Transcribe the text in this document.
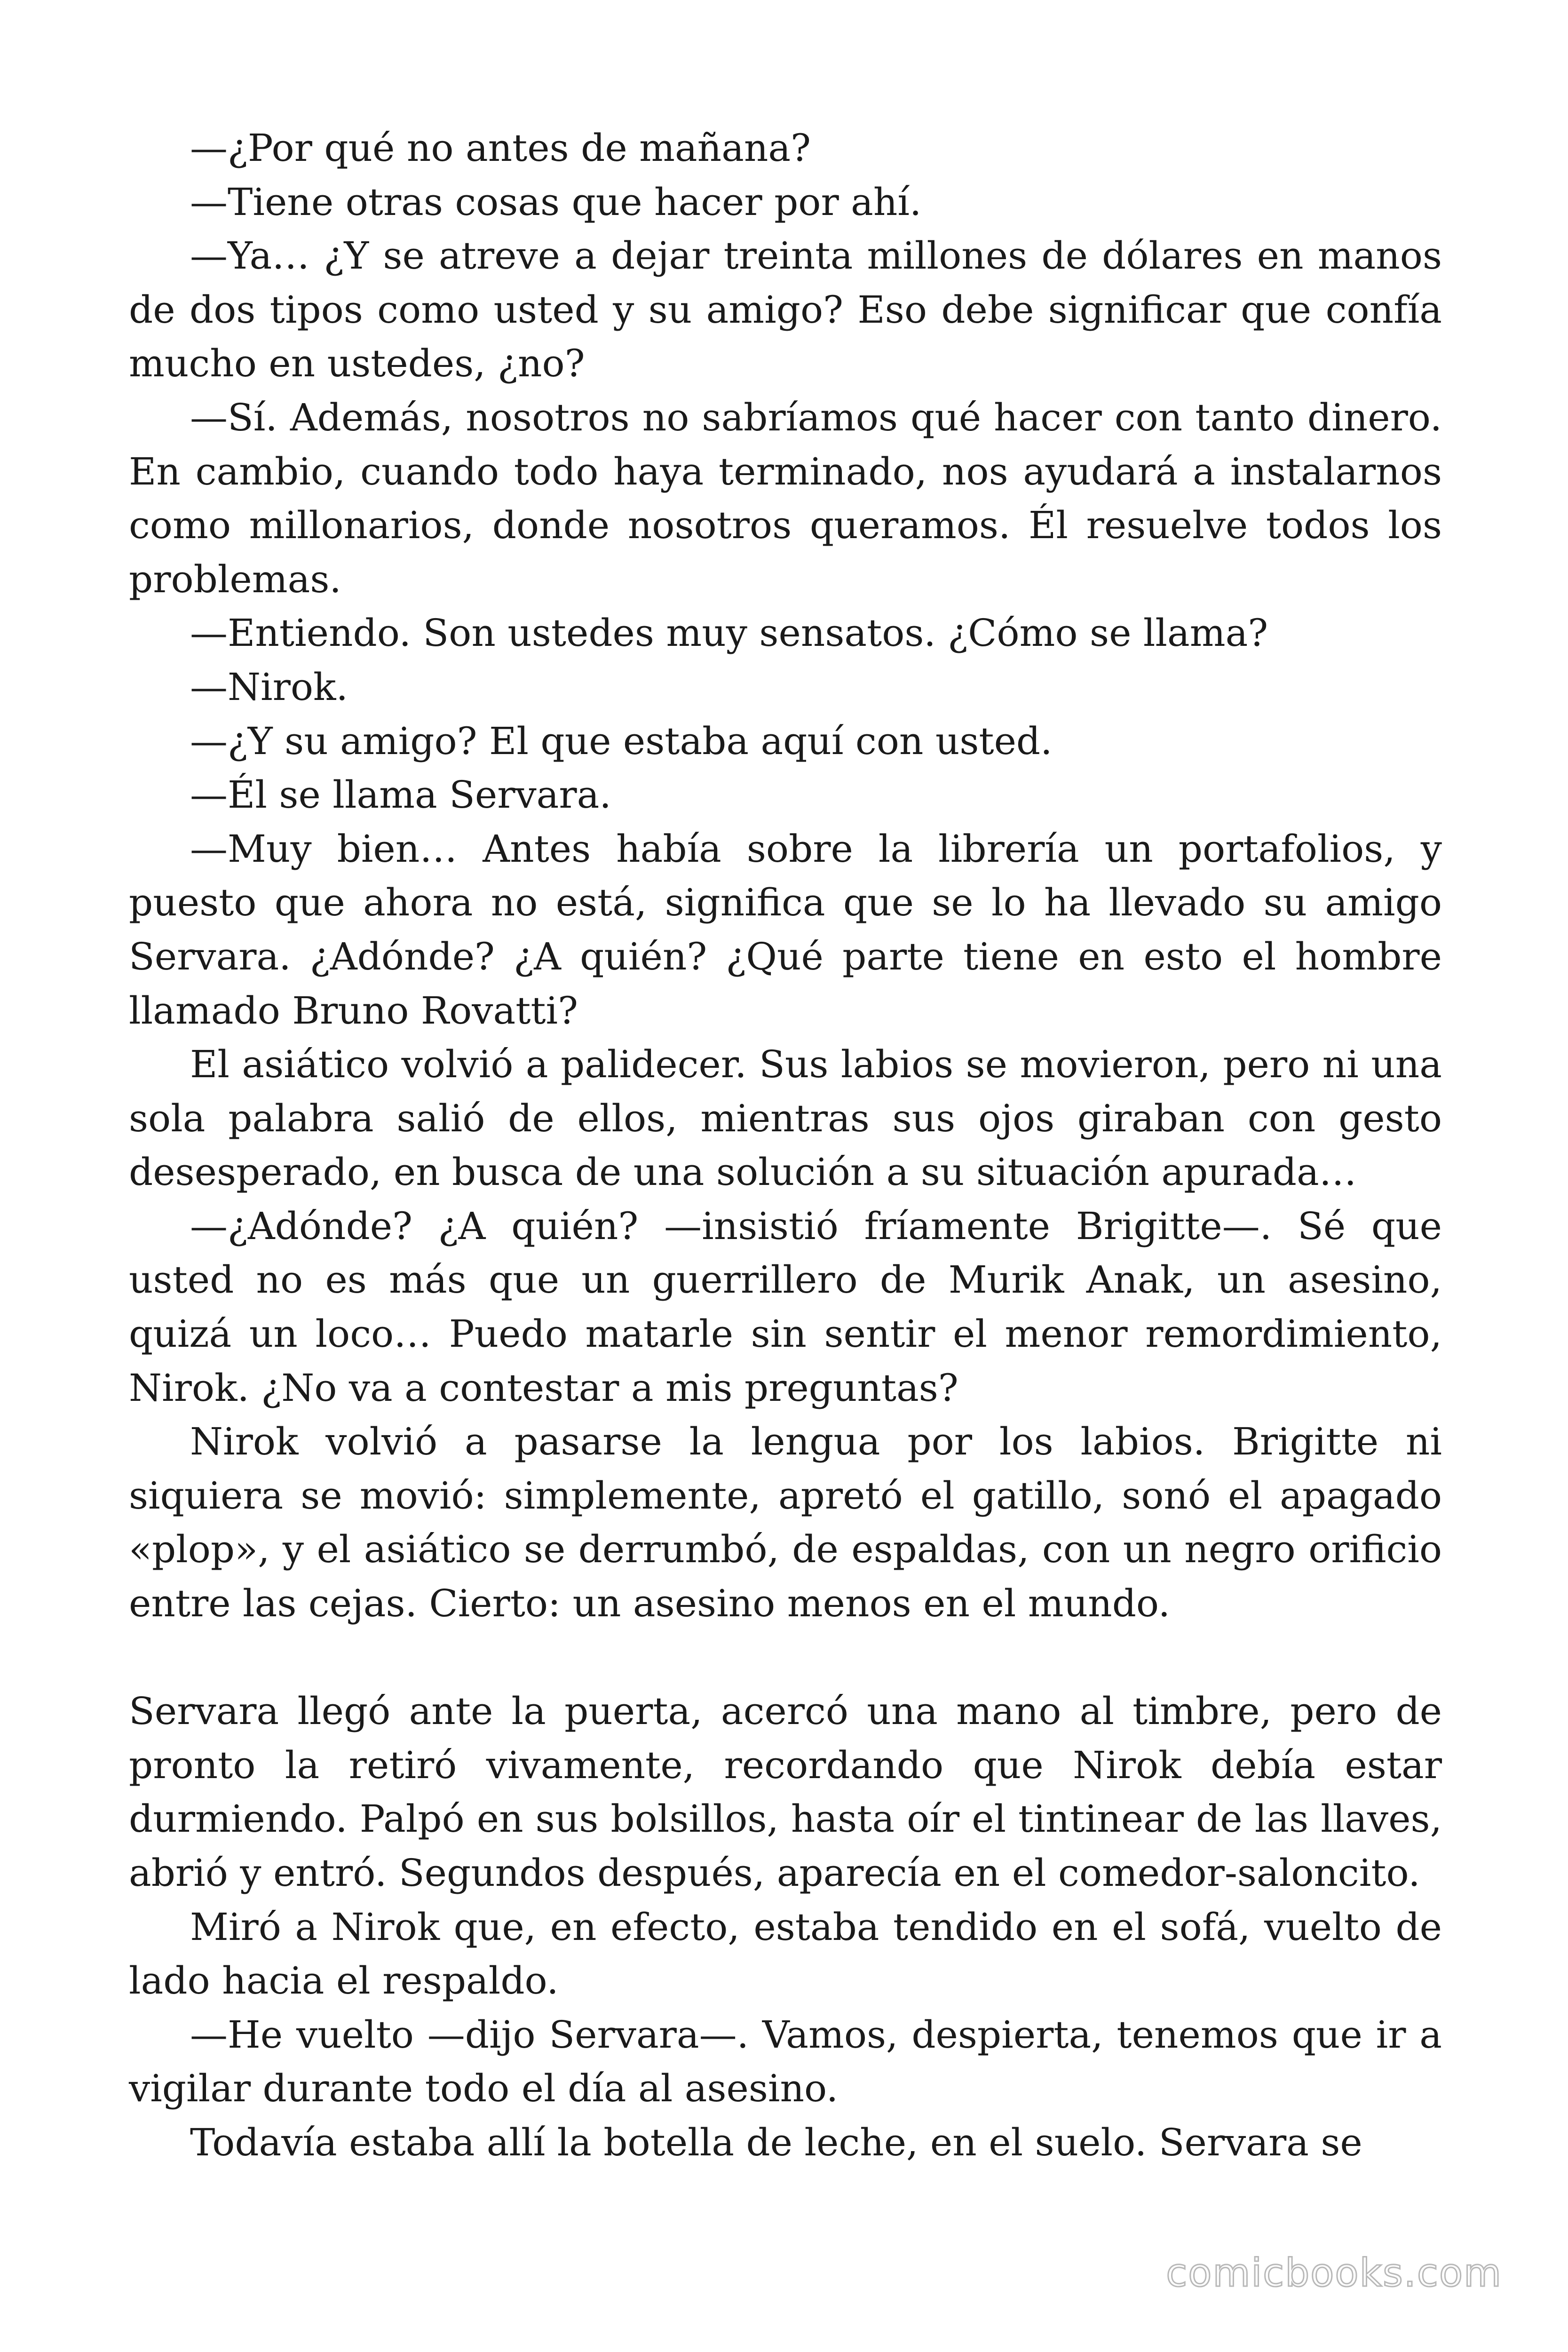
—¿Por qué no antes de mañana?

—Tiene otras cosas que hacer por ahí.

—Ya… ¿Y se atreve a dejar treinta millones de dólares en manos de dos tipos como usted y su amigo? Eso debe significar que confía mucho en ustedes, ¿no?

—Sí. Además, nosotros no sabríamos qué hacer con tanto dinero. En cambio, cuando todo haya terminado, nos ayudará a instalarnos como millonarios, donde nosotros queramos. Él resuelve todos los problemas.

—Entiendo. Son ustedes muy sensatos. ¿Cómo se llama?

—Nirok.

—¿Y su amigo? El que estaba aquí con usted.

—Él se llama Servara.

—Muy bien… Antes había sobre la librería un portafolios, y puesto que ahora no está, significa que se lo ha llevado su amigo Servara. ¿Adónde? ¿A quién? ¿Qué parte tiene en esto el hombre llamado Bruno Rovatti?

El asiático volvió a palidecer. Sus labios se movieron, pero ni una sola palabra salió de ellos, mientras sus ojos giraban con gesto desesperado, en busca de una solución a su situación apurada…

—¿Adónde? ¿A quién? —insistió fríamente Brigitte—. Sé que usted no es más que un guerrillero de Murik Anak, un asesino, quizá un loco… Puedo matarle sin sentir el menor remordimiento, Nirok. ¿No va a contestar a mis preguntas?

Nirok volvió a pasarse la lengua por los labios. Brigitte ni siquiera se movió: simplemente, apretó el gatillo, sonó el apagado «plop», y el asiático se derrumbó, de espaldas, con un negro orificio entre las cejas. Cierto: un asesino menos en el mundo.

Servara llegó ante la puerta, acercó una mano al timbre, pero de pronto la retiró vivamente, recordando que Nirok debía estar durmiendo. Palpó en sus bolsillos, hasta oír el tintinear de las llaves, abrió y entró. Segundos después, aparecía en el comedor-saloncito.

Miró a Nirok que, en efecto, estaba tendido en el sofá, vuelto de lado hacia el respaldo.

—He vuelto —dijo Servara—. Vamos, despierta, tenemos que ir a vigilar durante todo el día al asesino.

Todavía estaba allí la botella de leche, en el suelo. Servara se

comicbooks.com
